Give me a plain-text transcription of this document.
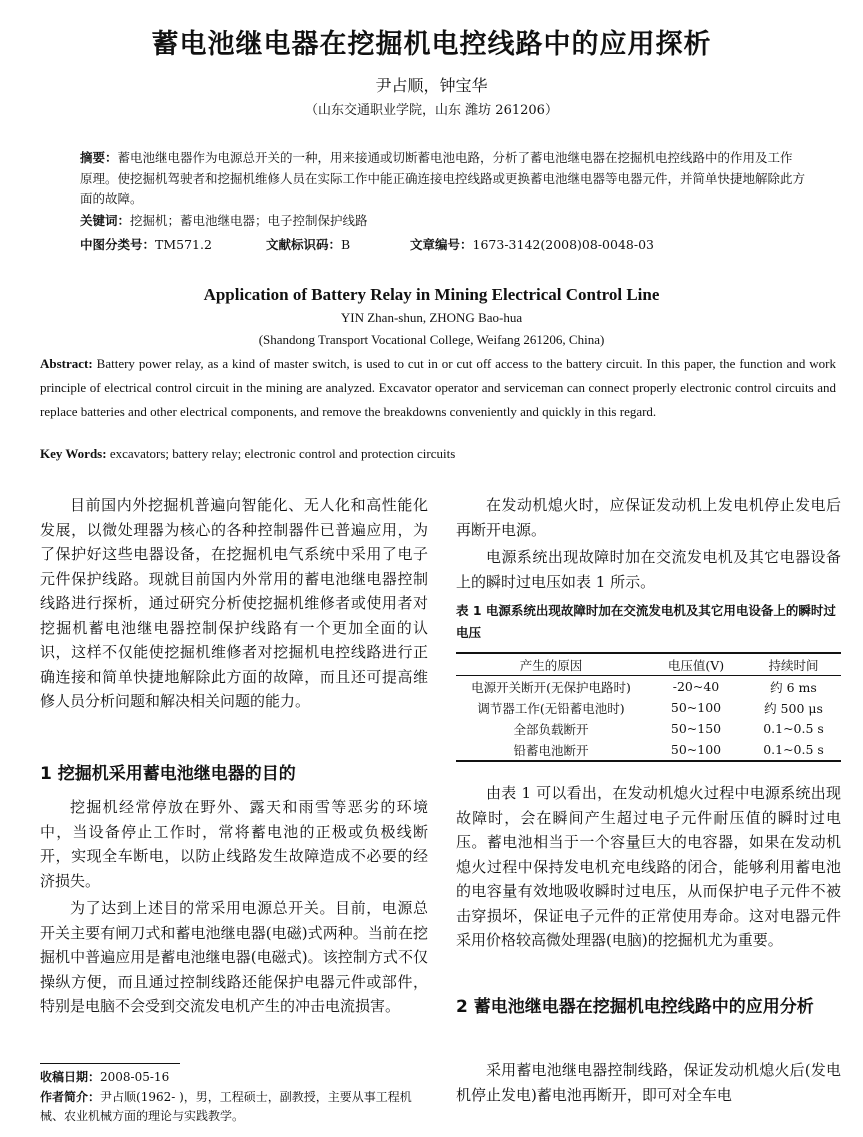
蓄电池继电器在挖掘机电控线路中的应用探析
尹占顺，钟宝华
（山东交通职业学院，山东 潍坊 261206）
摘要：蓄电池继电器作为电源总开关的一种，用来接通或切断蓄电池电路，分析了蓄电池继电器在挖掘机电控线路中的作用及工作原理。使挖掘机驾驶者和挖掘机维修人员在实际工作中能正确连接电控线路或更换蓄电池继电器等电器元件，并简单快捷地解除此方面的故障。
关键词：挖掘机；蓄电池继电器；电子控制保护线路
中图分类号： TM571.2	文献标识码： B	文章编号： 1673-3142(2008)08-0048-03
Application of Battery Relay in Mining Electrical Control Line
YIN Zhan-shun, ZHONG Bao-hua
(Shandong Transport Vocational College, Weifang 261206, China)
Abstract: Battery power relay, as a kind of master switch, is used to cut in or cut off access to the battery circuit. In this paper, the function and work principle of electrical control circuit in the mining are analyzed. Excavator operator and serviceman can connect properly electronic control circuits and replace batteries and other electrical components, and remove the breakdowns conveniently and quickly in this regard.
Key Words: excavators; battery relay; electronic control and protection circuits
目前国内外挖掘机普遍向智能化、无人化和高性能化发展，以微处理器为核心的各种控制器件已普遍应用，为了保护好这些电器设备，在挖掘机电气系统中采用了电子元件保护线路。现就目前国内外常用的蓄电池继电器控制线路进行探析，通过研究分析使挖掘机维修者或使用者对挖掘机蓄电池继电器控制保护线路有一个更加全面的认识，这样不仅能使挖掘机维修者对挖掘机电控线路进行正确连接和简单快捷地解除此方面的故障，而且还可提高维修人员分析问题和解决相关问题的能力。
1 挖掘机采用蓄电池继电器的目的
挖掘机经常停放在野外、露天和雨雪等恶劣的环境中，当设备停止工作时，常将蓄电池的正极或负极线断开，实现全车断电，以防止线路发生故障造成不必要的经济损失。
为了达到上述目的常采用电源总开关。目前，电源总开关主要有闸刀式和蓄电池继电器(电磁)式两种。当前在挖掘机中普遍应用是蓄电池继电器(电磁式)。该控制方式不仅操纵方便，而且通过控制线路还能保护电器元件或部件，特别是电脑不会受到交流发电机产生的冲击电流损害。
收稿日期：2008-05-16
作者简介：尹占顺(1962- )，男，工程硕士，副教授，主要从事工程机械、农业机械方面的理论与实践教学。
在发动机熄火时，应保证发动机上发电机停止发电后再断开电源。
电源系统出现故障时加在交流发电机及其它电器设备上的瞬时过电压如表 1 所示。
表 1 电源系统出现故障时加在交流发电机及其它用电设备上的瞬时过电压
产生的原因	电压值(V)	持续时间
电源开关断开(无保护电路时)	-20~40	约 6 ms
调节器工作(无铅蓄电池时)	50~100	约 500 μs
全部负载断开	50~150	0.1~0.5 s
铅蓄电池断开	50~100	0.1~0.5 s
由表 1 可以看出，在发动机熄火过程中电源系统出现故障时，会在瞬间产生超过电子元件耐压值的瞬时过电压。蓄电池相当于一个容量巨大的电容器，如果在发动机熄火过程中保持发电机充电线路的闭合，能够利用蓄电池的电容量有效地吸收瞬时过电压，从而保护电子元件不被击穿损坏，保证电子元件的正常使用寿命。这对电器元件采用价格较高微处理器(电脑)的挖掘机尤为重要。
2 蓄电池继电器在挖掘机电控线路中的应用分析
采用蓄电池继电器控制线路，保证发动机熄火后(发电机停止发电)蓄电池再断开，即可对全车电
